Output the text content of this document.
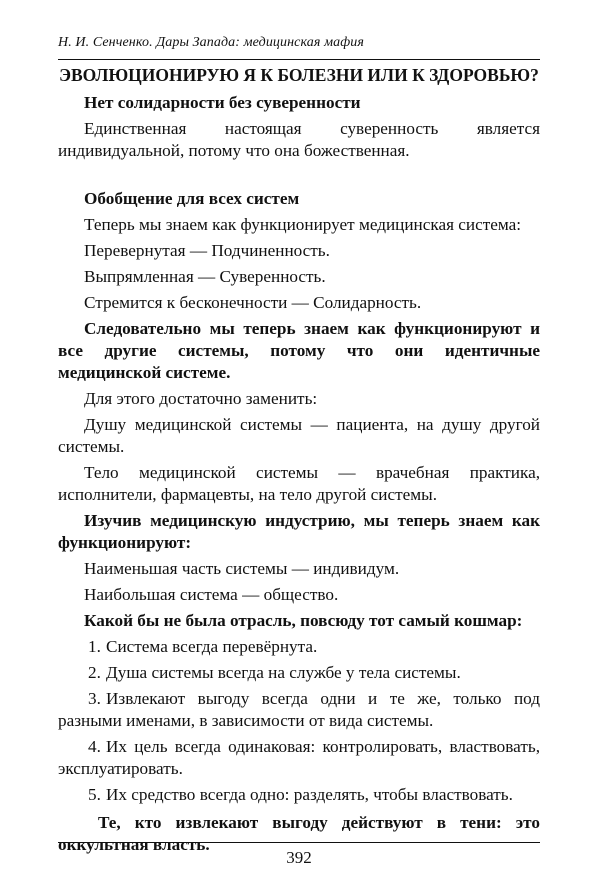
Н. И. Сенченко. Дары Запада: медицинская мафия

ЭВОЛЮЦИОНИРУЮ Я К БОЛЕЗНИ ИЛИ К ЗДОРОВЬЮ?

Нет солидарности без суверенности

Единственная настоящая суверенность является индивидуальной, потому что она божественная.

Обобщение для всех систем

Теперь мы знаем как функционирует медицинская система:

Перевернутая — Подчиненность.

Выпрямленная — Суверенность.

Стремится к бесконечности — Солидарность.

Следовательно мы теперь знаем как функционируют и все другие системы, потому что они идентичные медицинской системе.

Для этого достаточно заменить:

Душу медицинской системы — пациента, на душу другой системы.

Тело медицинской системы — врачебная практика, исполнители, фармацевты, на тело другой системы.

Изучив медицинскую индустрию, мы теперь знаем как функционируют:

Наименьшая часть системы — индивидум.

Наибольшая система — общество.

Какой бы не была отрасль, повсюду тот самый кошмар:

1. Система всегда перевёрнута.

2. Душа системы всегда на службе у тела системы.

3. Извлекают выгоду всегда одни и те же, только под разными именами, в зависимости от вида системы.

4. Их цель всегда одинаковая: контролировать, властвовать, эксплуатировать.

5. Их средство всегда одно: разделять, чтобы властвовать.

Те, кто извлекают выгоду действуют в тени: это оккультная власть.

392
